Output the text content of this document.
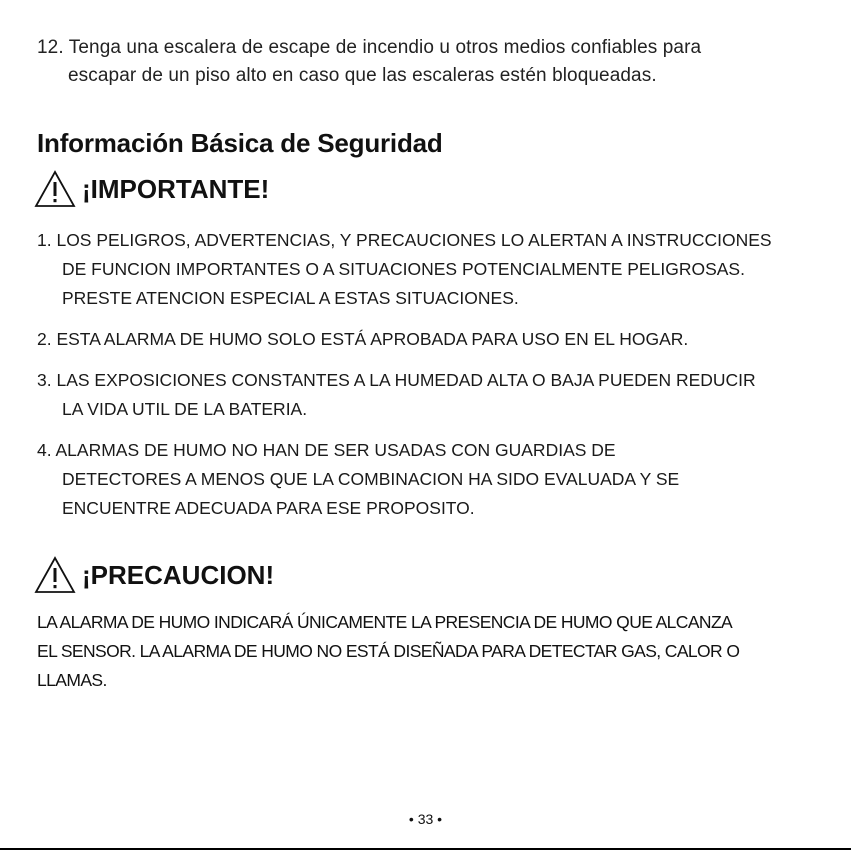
12. Tenga una escalera de escape de incendio u otros medios confiables para
escapar de un piso alto en caso que las escaleras estén bloqueadas.
Información Básica de Seguridad
¡IMPORTANTE!
1. LOS PELIGROS, ADVERTENCIAS, Y PRECAUCIONES LO ALERTAN A INSTRUCCIONES
DE FUNCION IMPORTANTES O A SITUACIONES POTENCIALMENTE PELIGROSAS.
PRESTE ATENCION ESPECIAL A ESTAS SITUACIONES.
2. ESTA ALARMA DE HUMO SOLO ESTÁ APROBADA PARA USO EN EL HOGAR.
3. LAS EXPOSICIONES CONSTANTES A LA HUMEDAD ALTA O BAJA PUEDEN REDUCIR
LA VIDA UTIL DE LA BATERIA.
4. ALARMAS DE HUMO NO HAN DE SER USADAS CON GUARDIAS DE
DETECTORES A MENOS QUE LA COMBINACION HA SIDO EVALUADA Y SE
ENCUENTRE ADECUADA PARA ESE PROPOSITO.
¡PRECAUCION!

LA ALARMA DE HUMO INDICARÁ ÚNICAMENTE LA PRESENCIA DE HUMO QUE ALCANZA
EL SENSOR. LA ALARMA DE HUMO NO ESTÁ DISEÑADA PARA DETECTAR GAS, CALOR O
LLAMAS.

• 33 •
